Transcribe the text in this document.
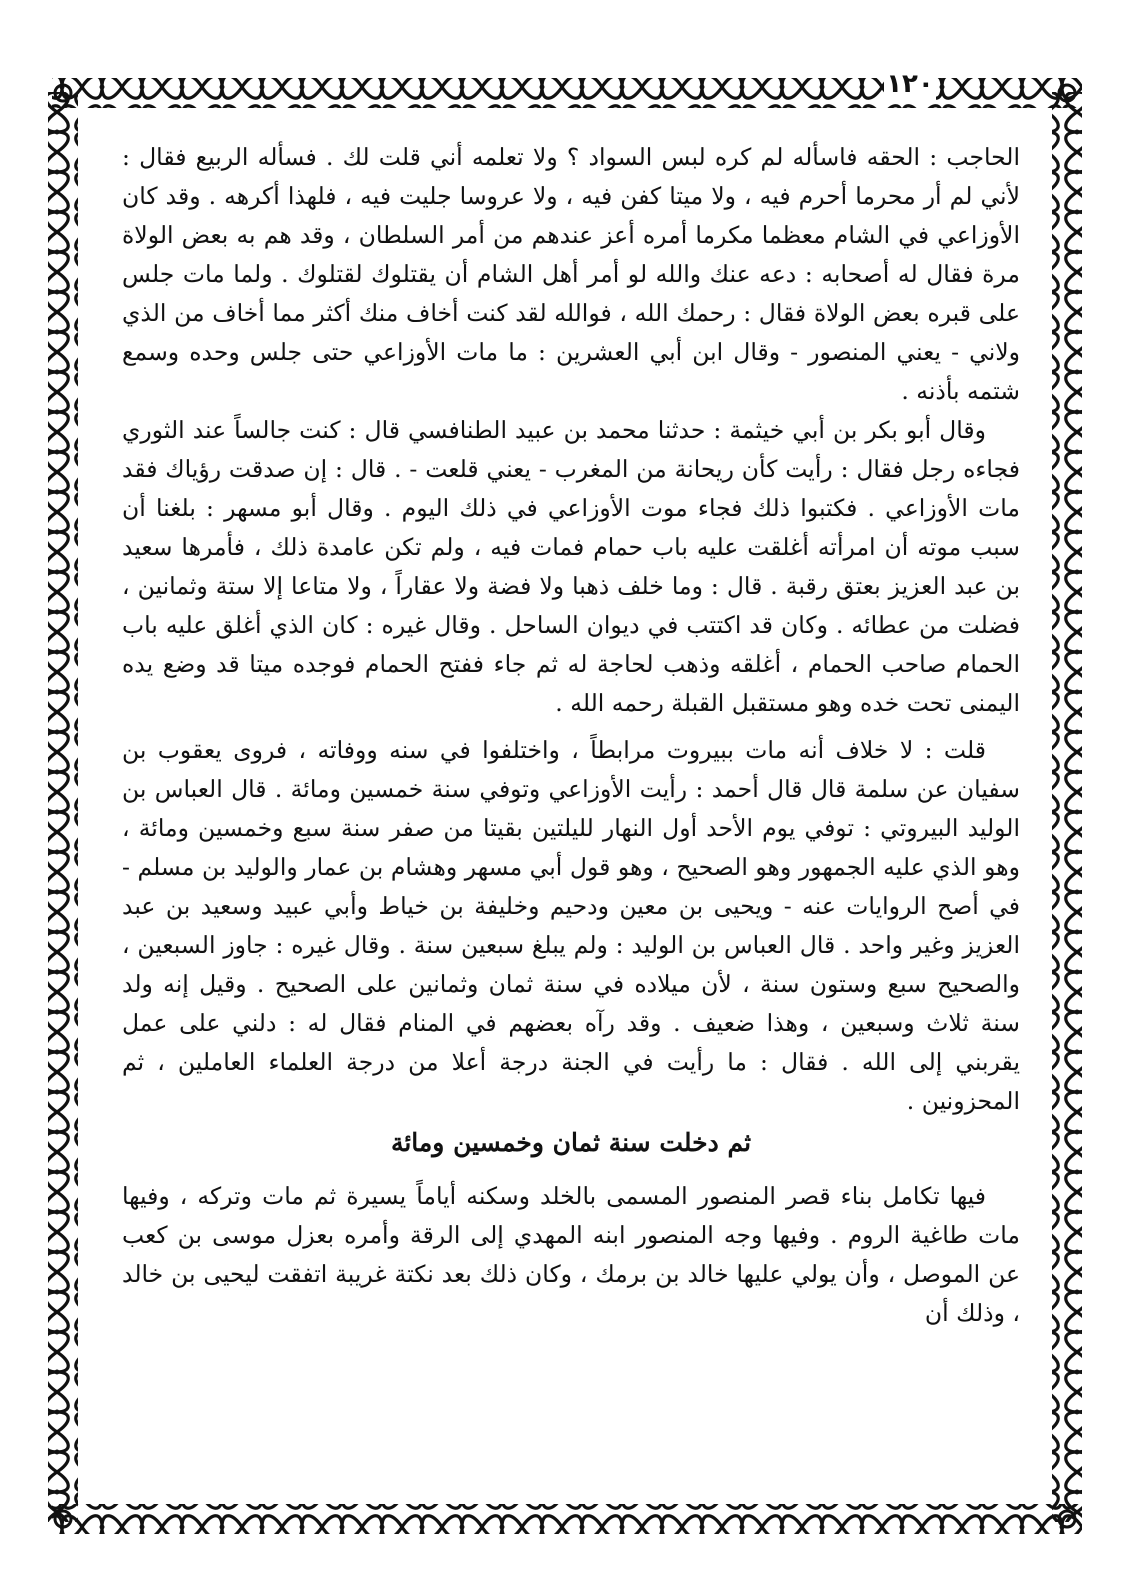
١٢٠

الحاجب : الحقه فاسأله لم كره لبس السواد ؟ ولا تعلمه أني قلت لك . فسأله الربيع فقال : لأني لم أر محرما أحرم فيه ، ولا ميتا كفن فيه ، ولا عروسا جليت فيه ، فلهذا أكرهه . وقد كان الأوزاعي في الشام معظما مكرما أمره أعز عندهم من أمر السلطان ، وقد هم به بعض الولاة مرة فقال له أصحابه : دعه عنك والله لو أمر أهل الشام أن يقتلوك لقتلوك . ولما مات جلس على قبره بعض الولاة فقال : رحمك الله ، فوالله لقد كنت أخاف منك أكثر مما أخاف من الذي ولاني - يعني المنصور - وقال ابن أبي العشرين : ما مات الأوزاعي حتى جلس وحده وسمع شتمه بأذنه .

وقال أبو بكر بن أبي خيثمة : حدثنا محمد بن عبيد الطنافسي قال : كنت جالساً عند الثوري فجاءه رجل فقال : رأيت كأن ريحانة من المغرب - يعني قلعت - . قال : إن صدقت رؤياك فقد مات الأوزاعي . فكتبوا ذلك فجاء موت الأوزاعي في ذلك اليوم . وقال أبو مسهر : بلغنا أن سبب موته أن امرأته أغلقت عليه باب حمام فمات فيه ، ولم تكن عامدة ذلك ، فأمرها سعيد بن عبد العزيز بعتق رقبة . قال : وما خلف ذهبا ولا فضة ولا عقاراً ، ولا متاعا إلا ستة وثمانين ، فضلت من عطائه . وكان قد اكتتب في ديوان الساحل . وقال غيره : كان الذي أغلق عليه باب الحمام صاحب الحمام ، أغلقه وذهب لحاجة له ثم جاء ففتح الحمام فوجده ميتا قد وضع يده اليمنى تحت خده وهو مستقبل القبلة رحمه الله .

قلت : لا خلاف أنه مات ببيروت مرابطاً ، واختلفوا في سنه ووفاته ، فروى يعقوب بن سفيان عن سلمة قال قال أحمد : رأيت الأوزاعي وتوفي سنة خمسين ومائة . قال العباس بن الوليد البيروتي : توفي يوم الأحد أول النهار لليلتين بقيتا من صفر سنة سبع وخمسين ومائة ، وهو الذي عليه الجمهور وهو الصحيح ، وهو قول أبي مسهر وهشام بن عمار والوليد بن مسلم - في أصح الروايات عنه - ويحيى بن معين ودحيم وخليفة بن خياط وأبي عبيد وسعيد بن عبد العزيز وغير واحد . قال العباس بن الوليد : ولم يبلغ سبعين سنة . وقال غيره : جاوز السبعين ، والصحيح سبع وستون سنة ، لأن ميلاده في سنة ثمان وثمانين على الصحيح . وقيل إنه ولد سنة ثلاث وسبعين ، وهذا ضعيف . وقد رآه بعضهم في المنام فقال له : دلني على عمل يقربني إلى الله . فقال : ما رأيت في الجنة درجة أعلا من درجة العلماء العاملين ، ثم المحزونين .

ثم دخلت سنة ثمان وخمسين ومائة

فيها تكامل بناء قصر المنصور المسمى بالخلد وسكنه أياماً يسيرة ثم مات وتركه ، وفيها مات طاغية الروم . وفيها وجه المنصور ابنه المهدي إلى الرقة وأمره بعزل موسى بن كعب عن الموصل ، وأن يولي عليها خالد بن برمك ، وكان ذلك بعد نكتة غريبة اتفقت ليحيى بن خالد ، وذلك أن
